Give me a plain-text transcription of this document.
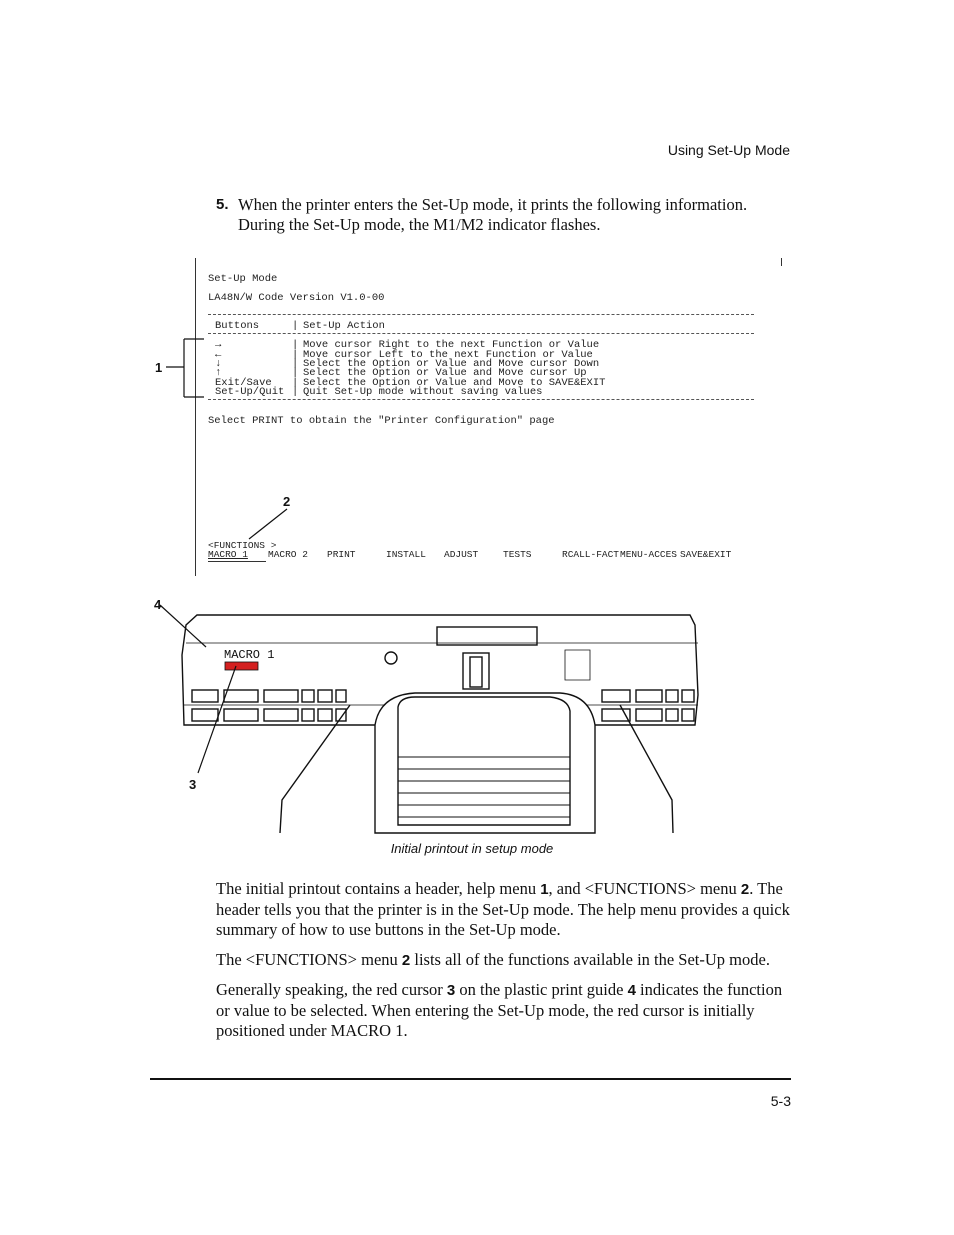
Using Set-Up Mode
5. When the printer enters the Set-Up mode, it prints the following information. During the Set-Up mode, the M1/M2 indicator flashes.
Set-Up Mode
LA48N/W Code Version V1.0-00
Buttons	| Set-Up Action
→	| Move cursor Right to the next Function or Value
←	| Move cursor Left to the next Function or Value
↓	| Select the Option or Value and Move cursor Down
↑	| Select the Option or Value and Move cursor Up
Exit/Save | Select the Option or Value and Move to SAVE&EXIT
Set-Up/Quit | Quit Set-Up mode without saving values
Select PRINT to obtain the "Printer Configuration" page
<FUNCTIONS >
MACRO 1 MACRO 2 PRINT	INSTALL ADJUST	TESTS	RCALL-FACT MENU-ACCES SAVE&EXIT
1
2
MACRO 1
4
3
Initial printout in setup mode
The initial printout contains a header, help menu 1, and <FUNCTIONS> menu 2. The header tells you that the printer is in the Set-Up mode. The help menu provides a quick summary of how to use buttons in the Set-Up mode.
The <FUNCTIONS> menu 2 lists all of the functions available in the Set-Up mode.
Generally speaking, the red cursor 3 on the plastic print guide 4 indicates the function or value to be selected. When entering the Set-Up mode, the red cursor is initially positioned under MACRO 1.
5-3
